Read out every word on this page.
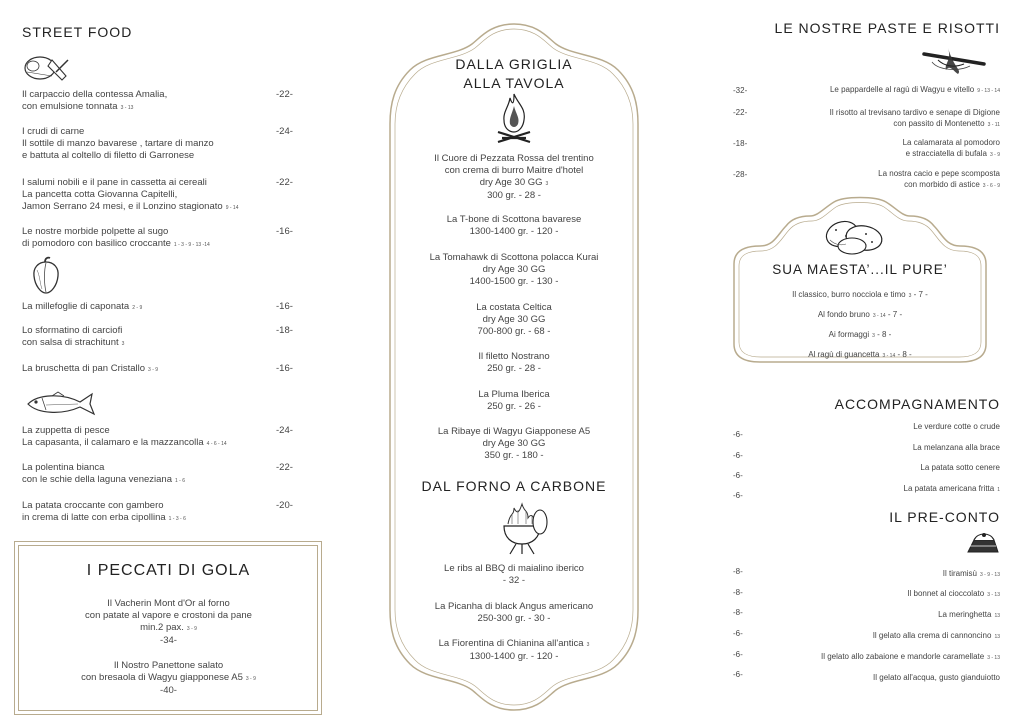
STREET FOOD
Il carpaccio della contessa Amalia,
con emulsione tonnata 3 - 13
-22-
I crudi di carne
Il sottile di manzo bavarese , tartare di manzo
e battuta al coltello di filetto di Garronese
-24-
I salumi nobili e il pane in cassetta ai cereali
La pancetta cotta Giovanna Capitelli,
Jamon Serrano 24 mesi, e il Lonzino stagionato 9 - 14
-22-
Le nostre morbide polpette al sugo
di pomodoro con basilico croccante 1 - 3 - 9 - 13 -14
-16-
La millefoglie di caponata 2 - 9	-16-
Lo sformatino di carciofi
con salsa di strachitunt 3
-18-
La bruschetta di pan Cristallo 3 - 9	-16-
La zuppetta di pesce
La capasanta, il calamaro e la mazzancolla 4 - 6 - 14
-24-
La polentina bianca
con le schie della laguna veneziana 1 - 6
-22-
La patata croccante con gambero
in crema di latte con erba cipollina 1 - 3 - 6
-20-
I PECCATI DI GOLA
Il Vacherin Mont d'Or al forno
con patate al vapore e crostoni da pane
min.2 pax. 3 - 9
-34-
Il Nostro Panettone salato
con bresaola di Wagyu giapponese A5 3 - 9
-40-
DALLA GRIGLIA
ALLA TAVOLA
Il Cuore di Pezzata Rossa del trentino
con crema di burro Maitre d'hotel
dry Age 30 GG 3
300 gr. - 28 -
La T-bone di Scottona bavarese
1300-1400 gr. - 120 -
La Tomahawk di Scottona polacca Kurai
dry Age 30 GG
1400-1500 gr. - 130 -
La costata Celtica
dry Age 30 GG
700-800 gr. - 68 -
Il filetto Nostrano
250 gr. - 28 -
La Pluma Iberica
250 gr. - 26 -
La Ribaye di Wagyu Giapponese A5
dry Age 30 GG
350 gr. - 180 -
DAL FORNO A CARBONE
Le ribs al BBQ di maialino iberico
- 32 -
La Picanha di black Angus americano
250-300 gr. - 30 -
La Fiorentina di Chianina all'antica 3
1300-1400 gr. - 120 -
LE NOSTRE PASTE E RISOTTI
-32-	Le pappardelle al ragù di Wagyu e vitello 9 - 13 - 14
-22-	Il risotto al trevisano tardivo e senape di Digione
con passito di Montenetto 3 - 11
-18-	La calamarata al pomodoro
e stracciatella di bufala 3 - 9
-28-	La nostra cacio e pepe scomposta
con morbido di astice 3 - 6 - 9
SUA MAESTA’...IL PURE’
Il classico, burro nocciola e timo 3 - 7 -
Al fondo bruno 3 - 14 - 7 -
Ai formaggi 3 - 8 -
Al ragù di guancetta 3 - 14 - 8 -
ACCOMPAGNAMENTO
-6-
Le verdure cotte o crude
-6-
La melanzana alla brace
-6-
La patata sotto cenere
-6-
La patata americana fritta 1
IL PRE-CONTO
-8-	Il tiramisù 3 - 9 - 13
-8-	Il bonnet al cioccolato 3 - 13
-8-	La meringhetta 13
-6-	Il gelato alla crema di cannoncino 13
-6-	Il gelato allo zabaione e mandorle caramellate 3 - 13
-6-	Il gelato all'acqua, gusto gianduiotto
